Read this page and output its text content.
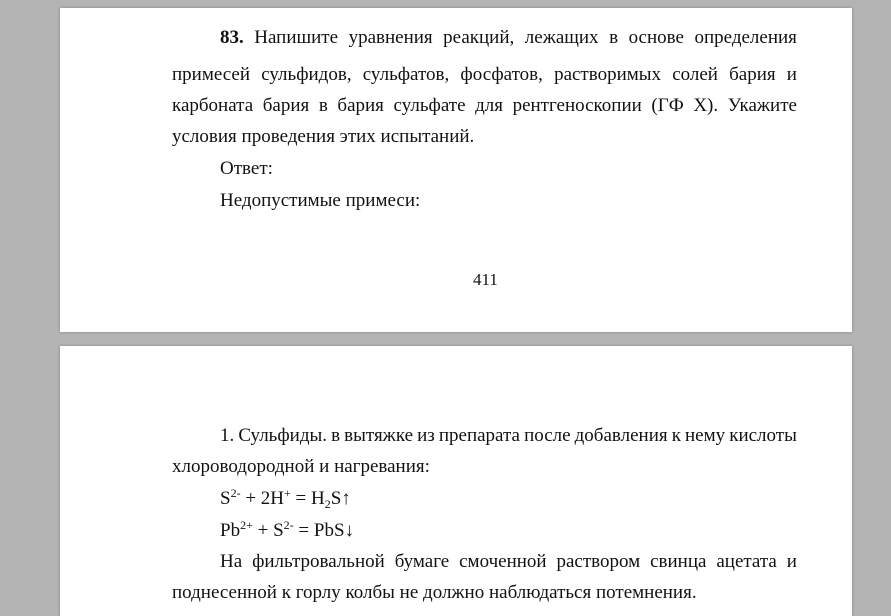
83. Напишите уравнения реакций, лежащих в основе определения
примесей сульфидов, сульфатов, фосфатов, растворимых солей бария и
карбоната бария в бария сульфате для рентгеноскопии (ГФ Х). Укажите
условия проведения этих испытаний.
Ответ:
Недопустимые примеси:
411
1. Сульфиды. в вытяжке из препарата после добавления к нему кислоты
хлороводородной и нагревания:
$S^{2-} + 2H^+$ = $H_2S↑$
$Pb^{2+} + S^{2-}$ = PbS↓
На фильтровальной бумаге смоченной раствором свинца ацетата и
поднесенной к горлу колбы не должно наблюдаться потемнения.
